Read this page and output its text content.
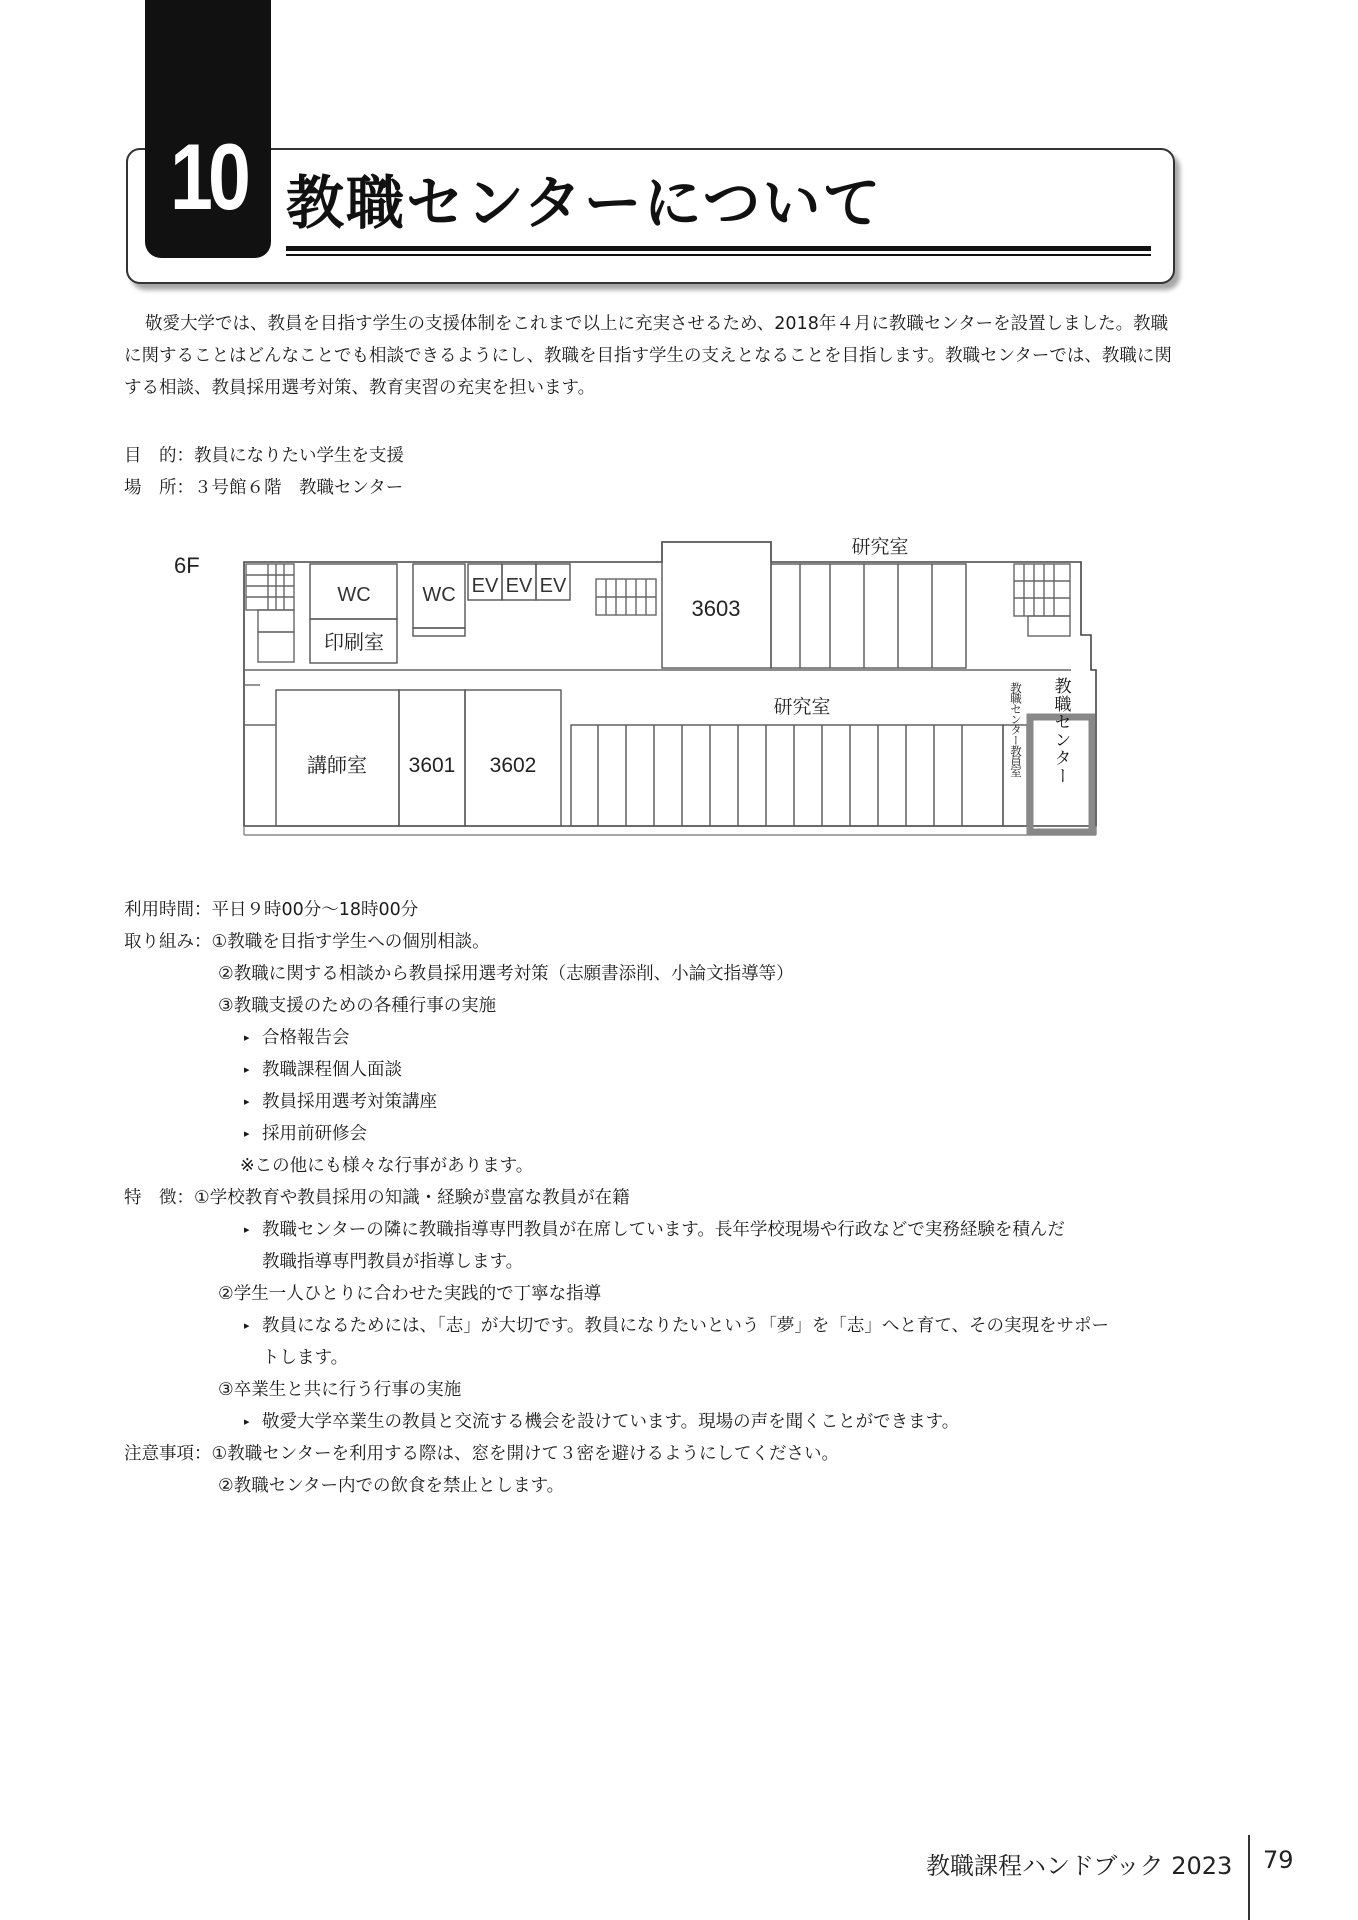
10 教職センターについて

敬愛大学では、教員を目指す学生の支援体制をこれまで以上に充実させるため、2018年４月に教職センターを設置しました。教職に関することはどんなことでも相談できるようにし、教職を目指す学生の支えとなることを目指します。教職センターでは、教職に関する相談、教員採用選考対策、教育実習の充実を担います。

目　的：教員になりたい学生を支援
場　所：３号館６階　教職センター
6F
WC
印刷室
WC EV EV EV
3603
研究室
講師室 3601 3602
研究室	教職センター教員室 教職センター
利用時間：平日９時00分～18時00分
取り組み：①教職を目指す学生への個別相談。
②教職に関する相談から教員採用選考対策（志願書添削、小論文指導等）
③教職支援のための各種行事の実施
▸ 合格報告会
▸ 教職課程個人面談
▸ 教員採用選考対策講座
▸ 採用前研修会
※この他にも様々な行事があります。
特　徴：①学校教育や教員採用の知識・経験が豊富な教員が在籍
▸ 教職センターの隣に教職指導専門教員が在席しています。長年学校現場や行政などで実務経験を積んだ
教職指導専門教員が指導します。
②学生一人ひとりに合わせた実践的で丁寧な指導
▸ 教員になるためには、「志」が大切です。教員になりたいという「夢」を「志」へと育て、その実現をサポー
トします。
③卒業生と共に行う行事の実施
▸ 敬愛大学卒業生の教員と交流する機会を設けています。現場の声を聞くことができます。
注意事項：①教職センターを利用する際は、窓を開けて３密を避けるようにしてください。
②教職センター内での飲食を禁止とします。
教職課程ハンドブック 2023 79
